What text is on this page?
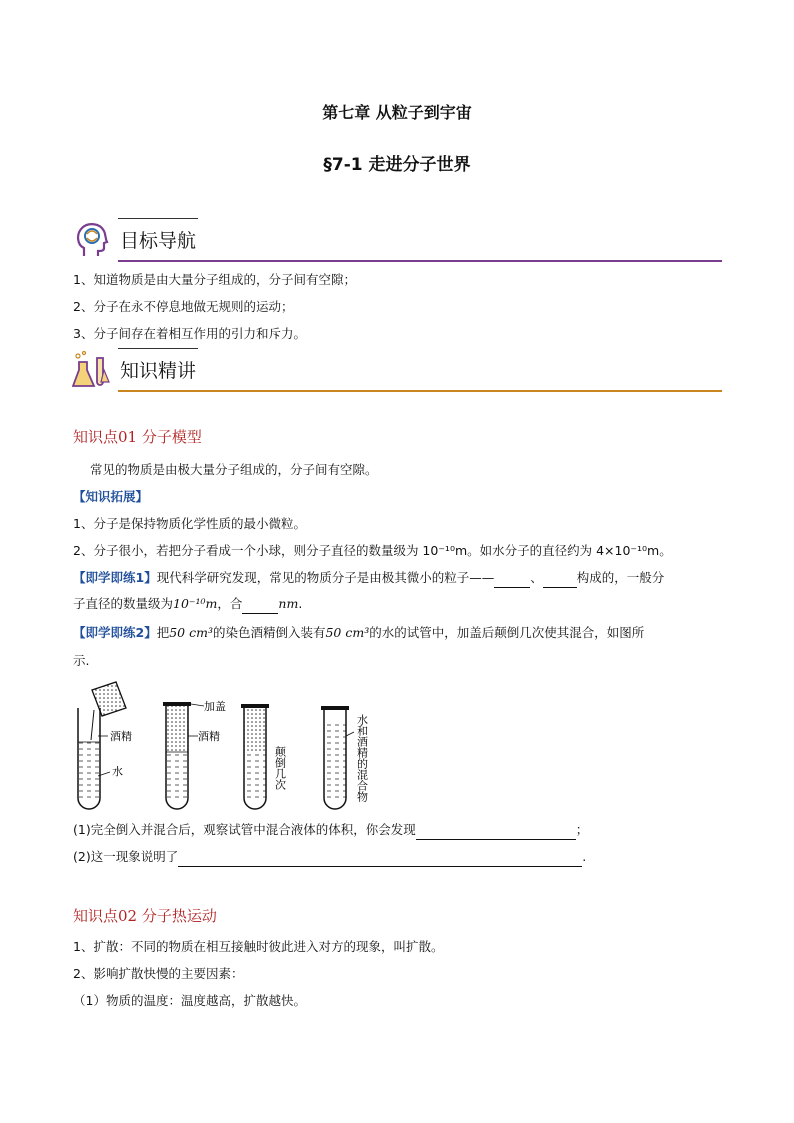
第七章 从粒子到宇宙
§7-1 走进分子世界
目标导航
1、知道物质是由大量分子组成的，分子间有空隙；
2、分子在永不停息地做无规则的运动；
3、分子间存在着相互作用的引力和斥力。
知识精讲
知识点01 分子模型
常见的物质是由极大量分子组成的，分子间有空隙。
【知识拓展】
1、分子是保持物质化学性质的最小微粒。
2、分子很小，若把分子看成一个小球，则分子直径的数量级为 10⁻¹⁰m。如水分子的直径约为 4×10⁻¹⁰m。
【即学即练1】现代科学研究发现，常见的物质分子是由极其微小的粒子——	、	构成的，一般分
子直径的数量级为10⁻¹⁰m，合	nm.
【即学即练2】把50 cm³的染色酒精倒入装有50 cm³的水的试管中，加盖后颠倒几次使其混合，如图所
示.
酒精
水
加盖
酒精
颠倒几次	水和酒精的混合物
(1)完全倒入并混合后，观察试管中混合液体的体积，你会发现	；
(2)这一现象说明了	.
知识点02 分子热运动
1、扩散：不同的物质在相互接触时彼此进入对方的现象，叫扩散。
2、影响扩散快慢的主要因素：
（1）物质的温度：温度越高，扩散越快。
